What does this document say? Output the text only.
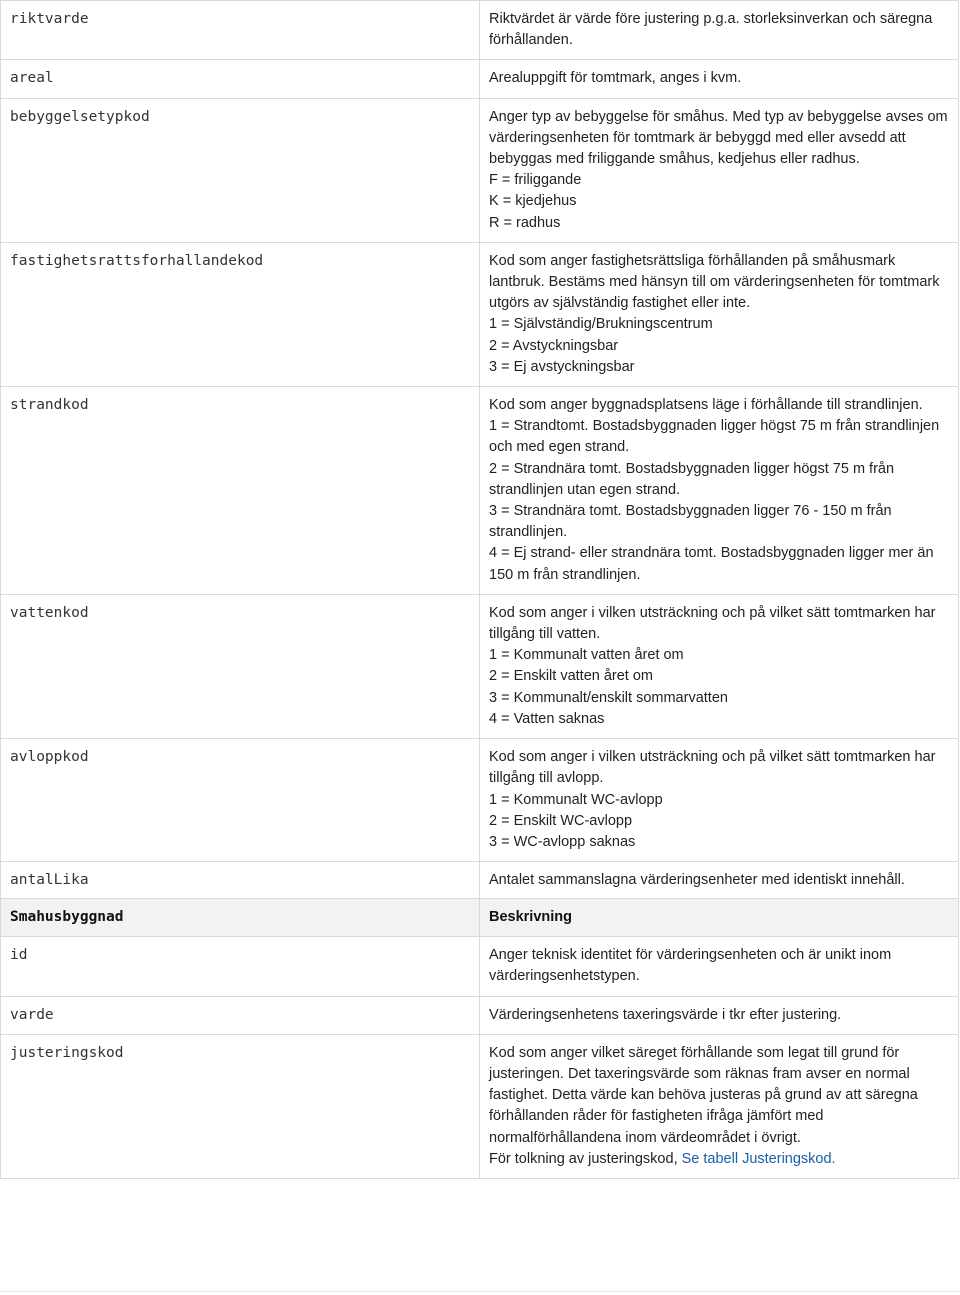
riktvarde	Riktvärdet är värde före justering p.g.a. storleksinverkan och säregna förhållanden.

areal	Arealuppgift för tomtmark, anges i kvm.

bebyggelsetypkod	Anger typ av bebyggelse för småhus. Med typ av bebyggelse avses om värderingsenheten för tomtmark är bebyggd med eller avsedd att bebyggas med friliggande småhus, kedjehus eller radhus.
F = friliggande
K = kjedjehus
R = radhus

fastighetsrattsforhallandekod	Kod som anger fastighetsrättsliga förhållanden på småhusmark lantbruk. Bestäms med hänsyn till om värderingsenheten för tomtmark utgörs av självständig fastighet eller inte.
1 = Självständig/Brukningscentrum
2 = Avstyckningsbar
3 = Ej avstyckningsbar

strandkod	Kod som anger byggnadsplatsens läge i förhållande till strandlinjen.
1 = Strandtomt. Bostadsbyggnaden ligger högst 75 m från strandlinjen och med egen strand.
2 = Strandnära tomt. Bostadsbyggnaden ligger högst 75 m från strandlinjen utan egen strand.
3 = Strandnära tomt. Bostadsbyggnaden ligger 76 - 150 m från strandlinjen.
4 = Ej strand- eller strandnära tomt. Bostadsbyggnaden ligger mer än 150 m från strandlinjen.

vattenkod	Kod som anger i vilken utsträckning och på vilket sätt tomtmarken har tillgång till vatten.
1 = Kommunalt vatten året om
2 = Enskilt vatten året om
3 = Kommunalt/enskilt sommarvatten
4 = Vatten saknas

avloppkod	Kod som anger i vilken utsträckning och på vilket sätt tomtmarken har tillgång till avlopp.
1 = Kommunalt WC-avlopp
2 = Enskilt WC-avlopp
3 = WC-avlopp saknas

antalLika	Antalet sammanslagna värderingsenheter med identiskt innehåll.
Smahusbyggnad	Beskrivning
id	Anger teknisk identitet för värderingsenheten och är unikt inom värderingsenhetstypen.

varde	Värderingsenhetens taxeringsvärde i tkr efter justering.

justeringskod	Kod som anger vilket säreget förhållande som legat till grund för justeringen. Det taxeringsvärde som räknas fram avser en normal fastighet. Detta värde kan behöva justeras på grund av att säregna förhållanden råder för fastigheten ifråga jämfört med normalförhållandena inom värdeområdet i övrigt.
För tolkning av justeringskod, Se tabell Justeringskod.
